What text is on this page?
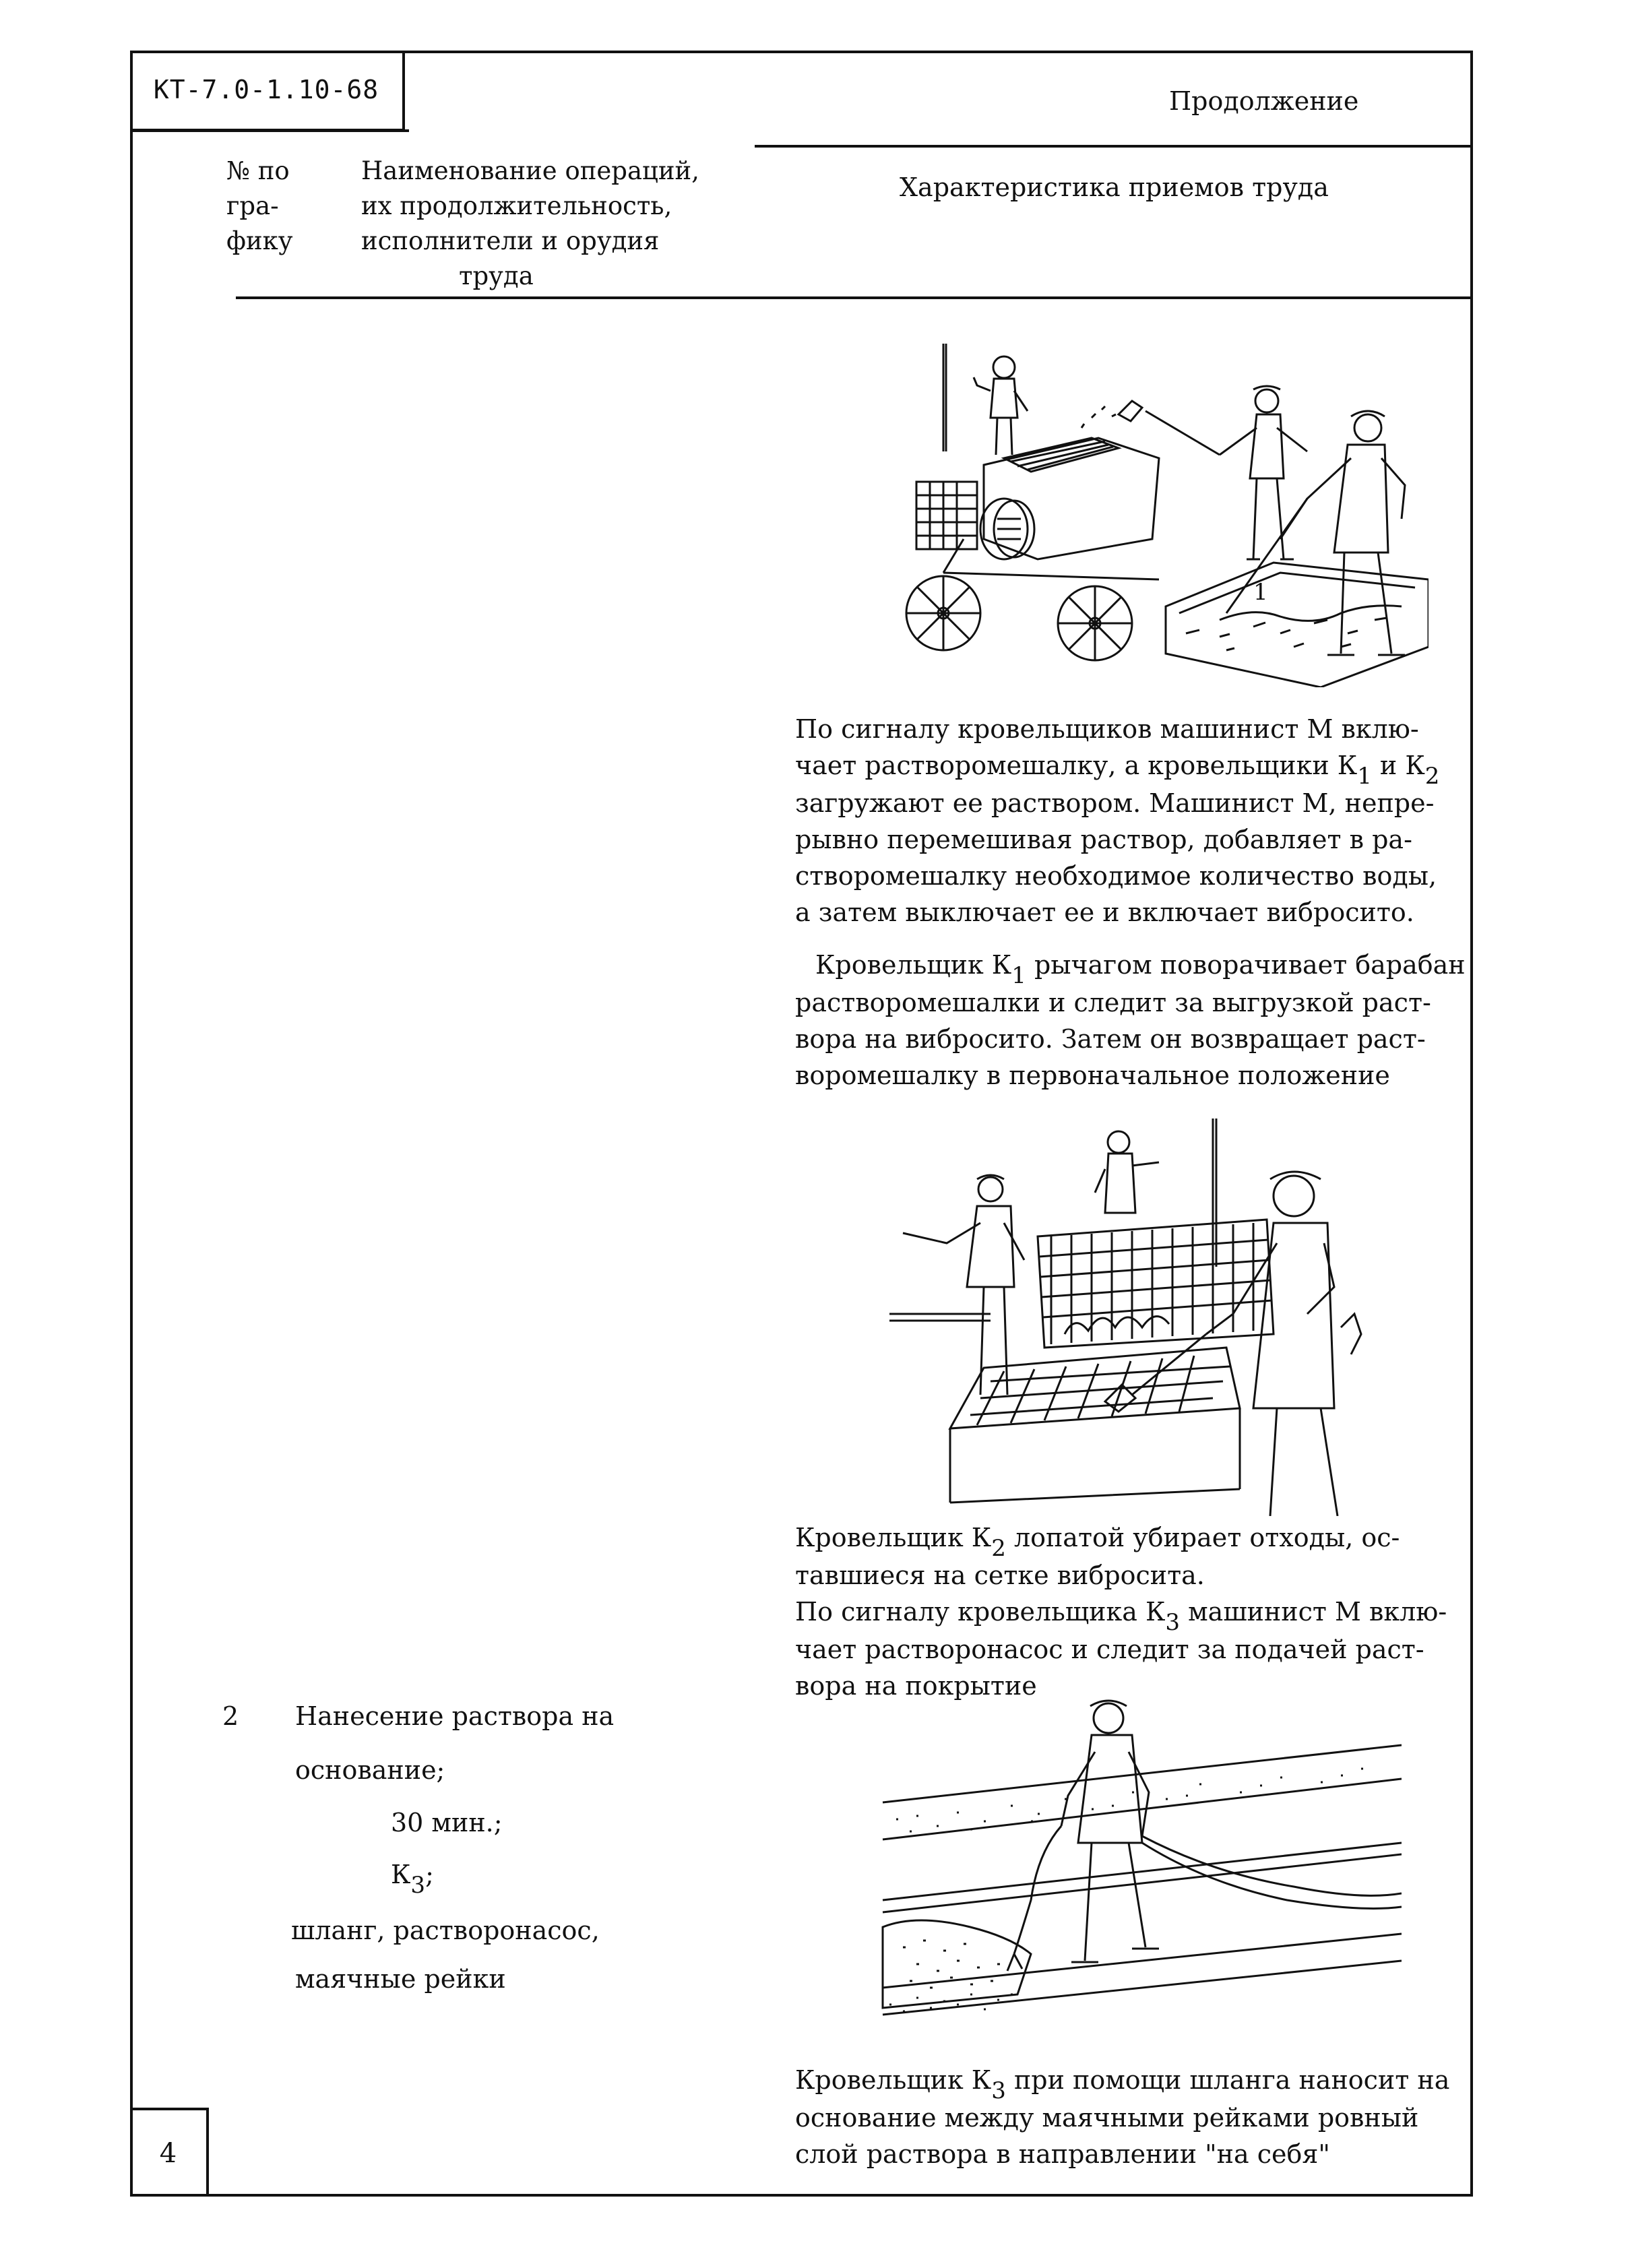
КТ-7.0-1.10-68	Продолжение
№ по
гра-
фику
Наименование операций,
их продолжительность,
исполнители и орудия
труда
Характеристика приемов труда
1
По сигналу кровельщиков машинист М вклю-
чает растворомешалку, а кровельщики К1 и К2
загружают ее раствором. Машинист М, непре-
рывно перемешивая раствор, добавляет в ра-
створомешалку необходимое количество воды,
а затем выключает ее и включает вибросито.
Кровельщик К1 рычагом поворачивает барабан
растворомешалки и следит за выгрузкой раст-
вора на вибросито. Затем он возвращает раст-
воромешалку в первоначальное положение
Кровельщик К2 лопатой убирает отходы, ос-
тавшиеся на сетке вибросита.
По сигналу кровельщика К3 машинист М вклю-
чает растворонасос и следит за подачей раст-
вора на покрытие
2 Нанесение раствора на
основание;
30 мин.;
К3;
шланг, растворонасос,
маячные рейки
Кровельщик К3 при помощи шланга наносит на
основание между маячными рейками ровный
слой раствора в направлении "на себя"
4
